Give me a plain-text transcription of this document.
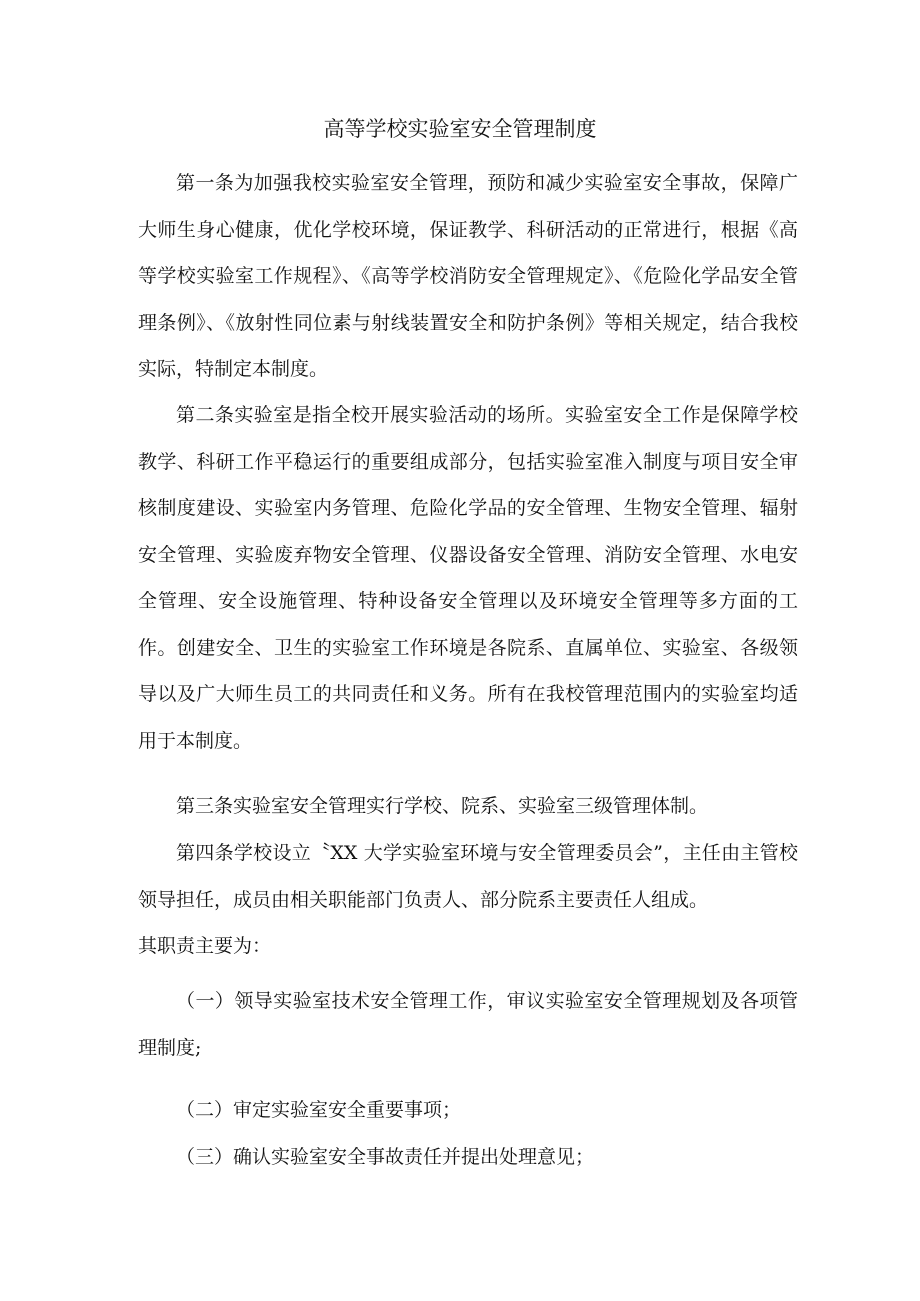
高等学校实验室安全管理制度
第一条为加强我校实验室安全管理，预防和减少实验室安全事故，保障广大师生身心健康，优化学校环境，保证教学、科研活动的正常进行，根据《高等学校实验室工作规程》、《高等学校消防安全管理规定》、《危险化学品安全管理条例》、《放射性同位素与射线装置安全和防护条例》等相关规定，结合我校实际，特制定本制度。
第二条实验室是指全校开展实验活动的场所。实验室安全工作是保障学校教学、科研工作平稳运行的重要组成部分，包括实验室准入制度与项目安全审核制度建设、实验室内务管理、危险化学品的安全管理、生物安全管理、辐射安全管理、实验废弃物安全管理、仪器设备安全管理、消防安全管理、水电安全管理、安全设施管理、特种设备安全管理以及环境安全管理等多方面的工作。创建安全、卫生的实验室工作环境是各院系、直属单位、实验室、各级领导以及广大师生员工的共同责任和义务。所有在我校管理范围内的实验室均适用于本制度。
第三条实验室安全管理实行学校、院系、实验室三级管理体制。
第四条学校设立〝XX 大学实验室环境与安全管理委员会”，主任由主管校领导担任，成员由相关职能部门负责人、部分院系主要责任人组成。
其职责主要为：
（一）领导实验室技术安全管理工作，审议实验室安全管理规划及各项管理制度;
（二）审定实验室安全重要事项；
（三）确认实验室安全事故责任并提出处理意见；
